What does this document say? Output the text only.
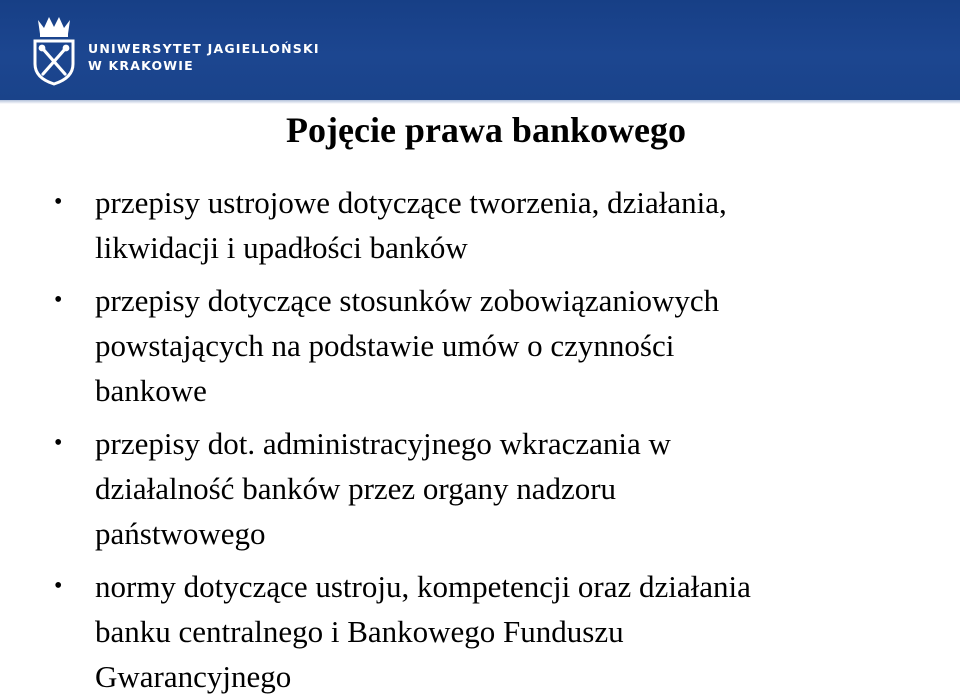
UNIWERSYTET JAGIELLOŃSKI
W KRAKOWIE
Pojęcie prawa bankowego
•	przepisy ustrojowe dotyczące tworzenia, działania,
likwidacji i upadłości banków
•	przepisy dotyczące stosunków zobowiązaniowych
powstających na podstawie umów o czynności
bankowe
•	przepisy dot. administracyjnego wkraczania w
działalność banków przez organy nadzoru
państwowego
•	normy dotyczące ustroju, kompetencji oraz działania
banku centralnego i Bankowego Funduszu
Gwarancyjnego
